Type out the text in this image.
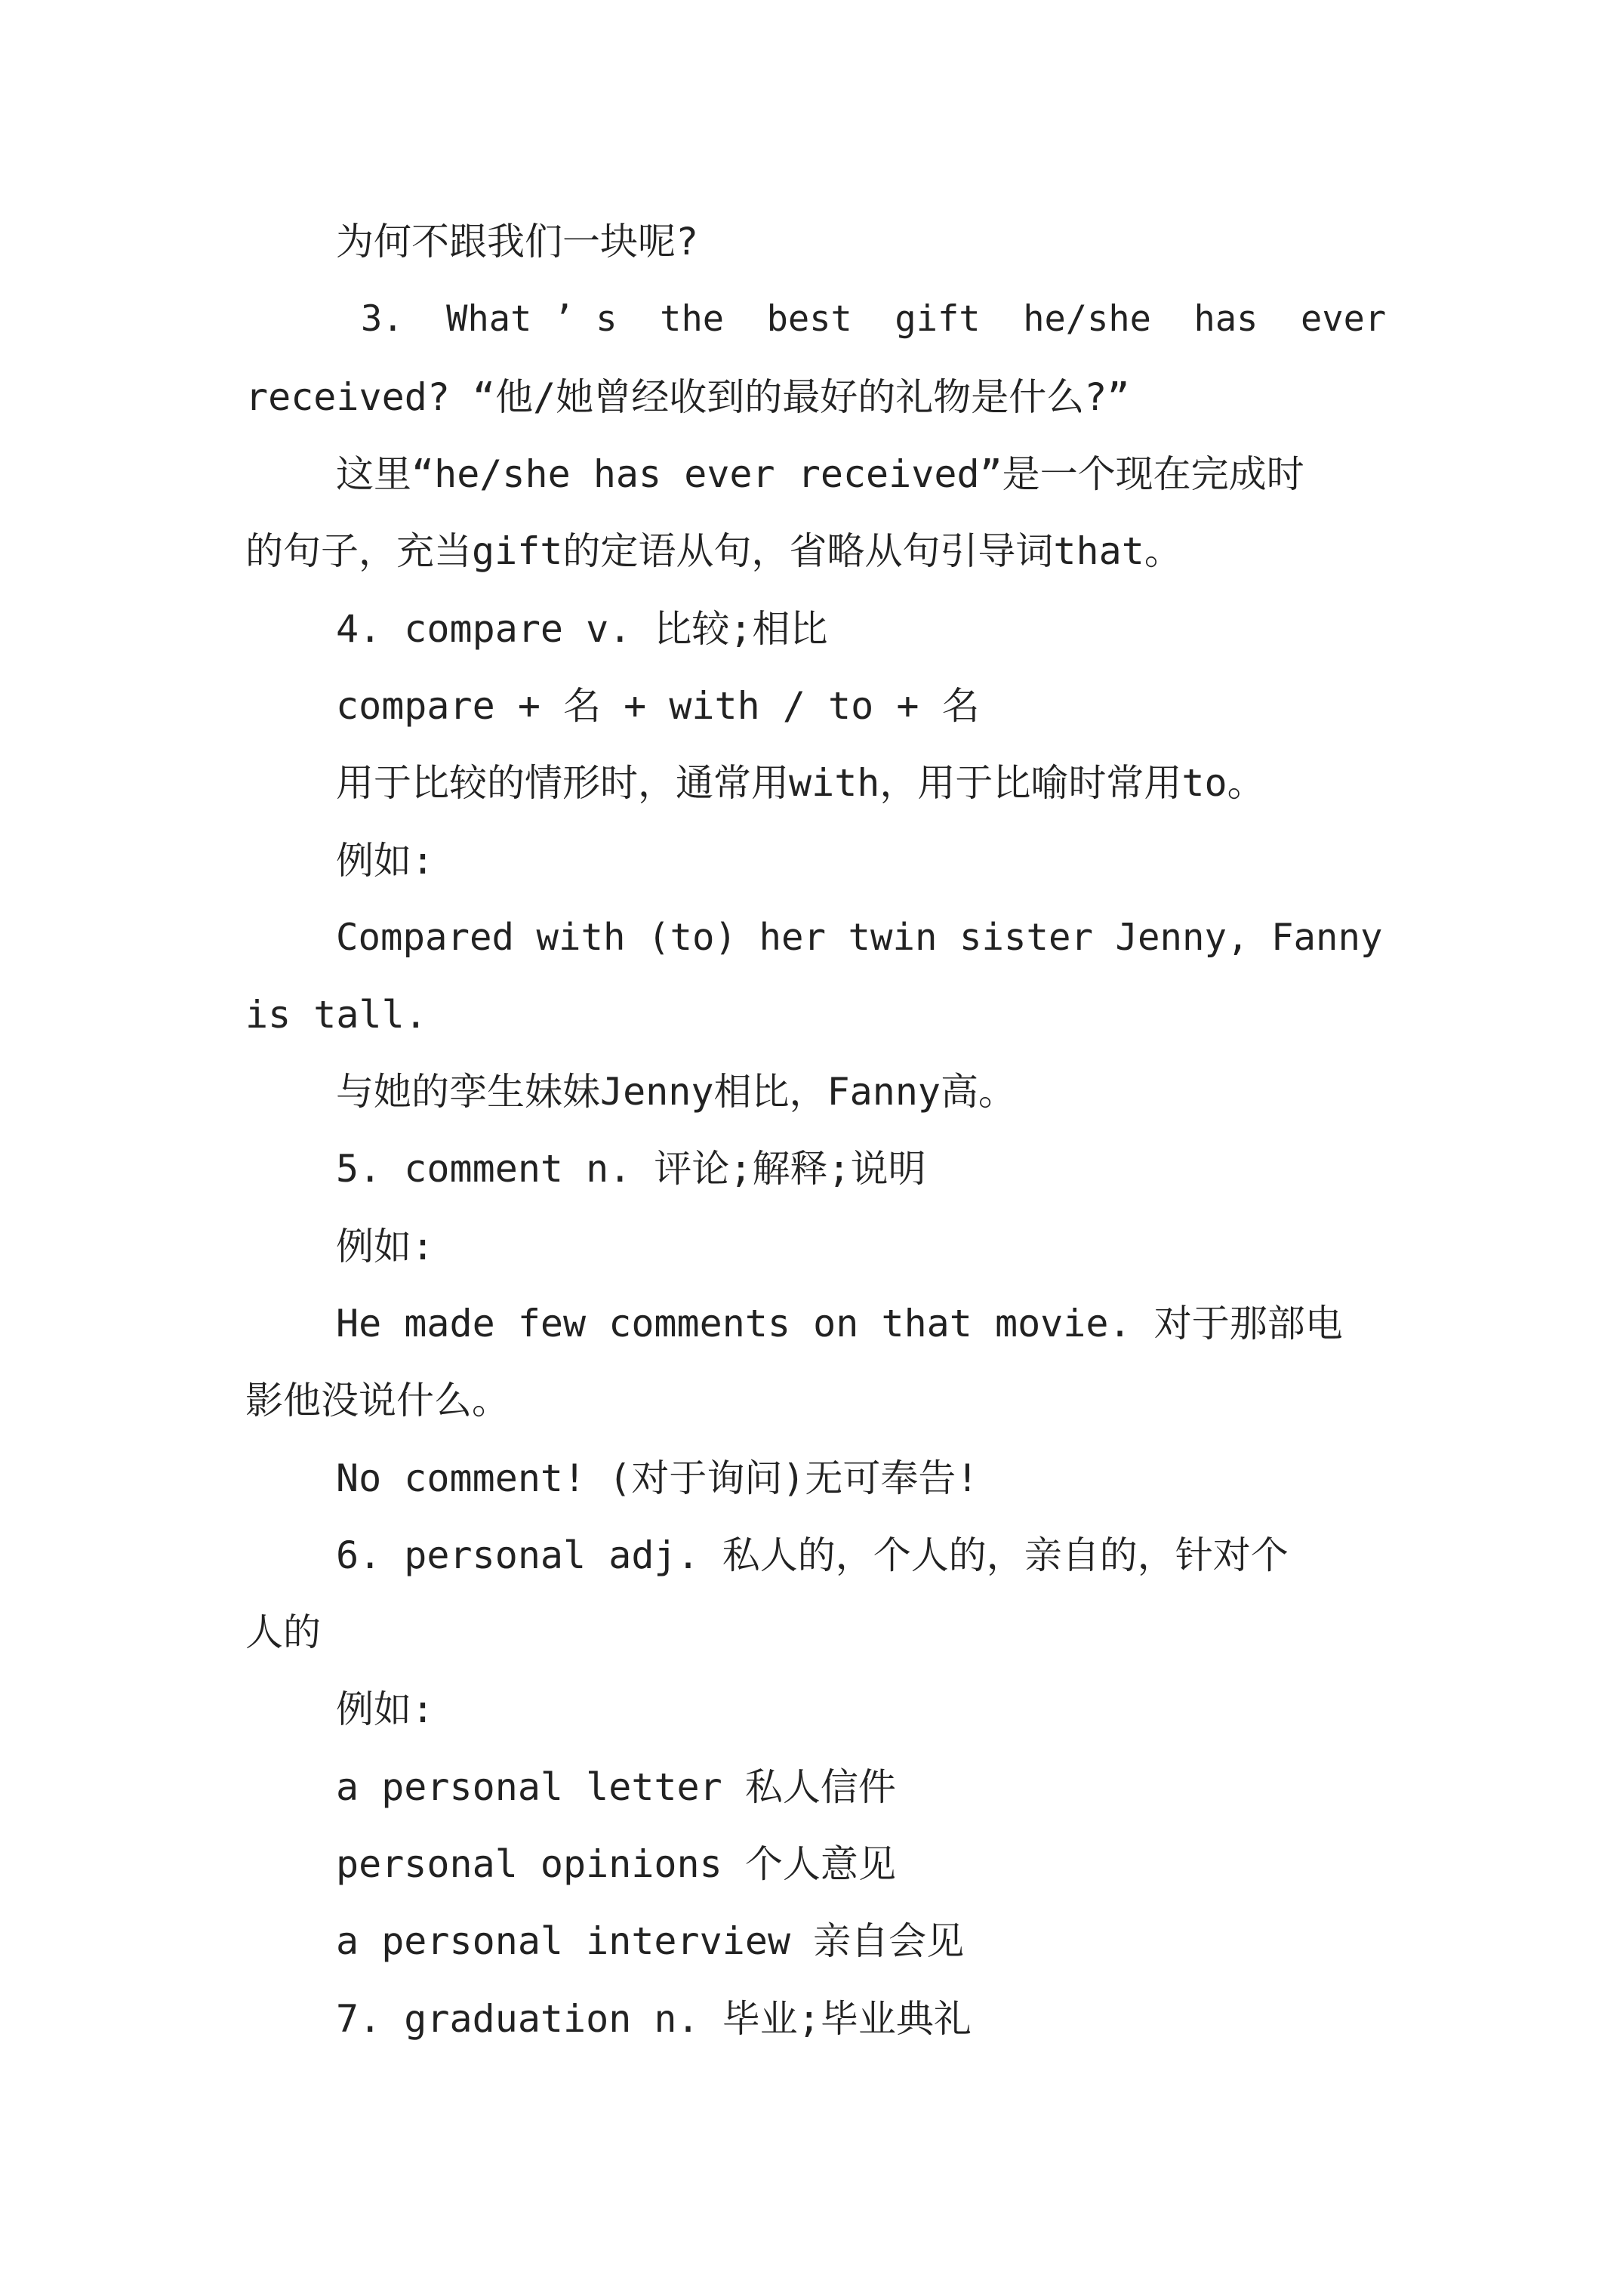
为何不跟我们一块呢?

3.  What ’ s  the  best  gift  he/she  has  ever

received? “他/她曾经收到的最好的礼物是什么?”

这里“he/she has ever received”是一个现在完成时

的句子，充当gift的定语从句，省略从句引导词that。

4. compare v. 比较;相比

compare + 名 + with / to + 名

用于比较的情形时，通常用with，用于比喻时常用to。

例如:

Compared with (to) her twin sister Jenny, Fanny

is tall.

与她的孪生妹妹Jenny相比，Fanny高。

5. comment n. 评论;解释;说明

例如:

He made few comments on that movie. 对于那部电

影他没说什么。

No comment! (对于询问)无可奉告!

6. personal adj. 私人的，个人的，亲自的，针对个

人的

例如:

a personal letter 私人信件

personal opinions 个人意见

a personal interview 亲自会见

7. graduation n. 毕业;毕业典礼
